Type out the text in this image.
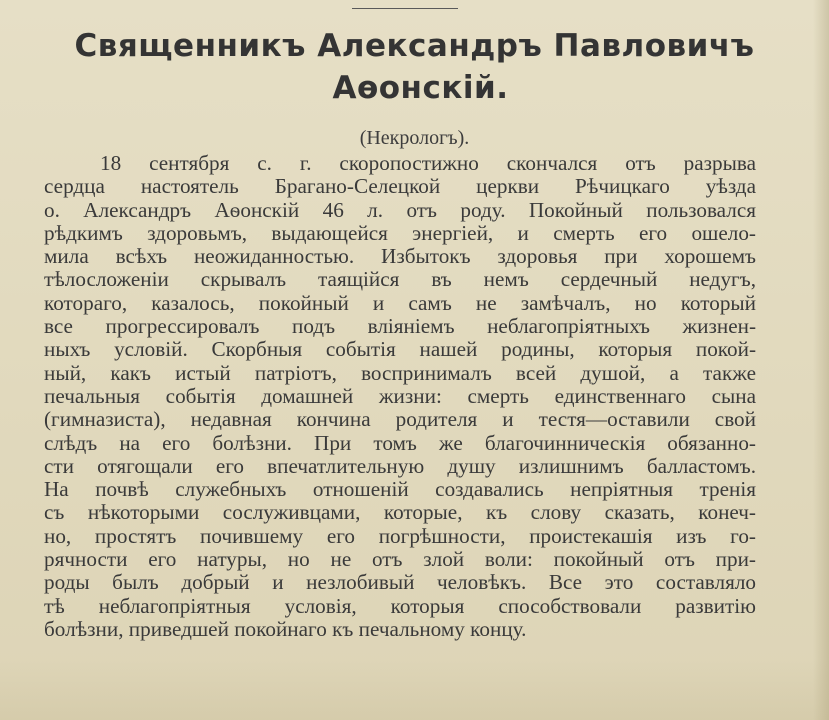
Священникъ Александръ Павловичъ
Аѳонскій.

(Некрологъ).

18 сентября с. г. скоропостижно скончался отъ разрыва
сердца настоятель Брагано-Селецкой церкви Рѣчицкаго уѣзда
о. Александръ Аѳонскій 46 л. отъ роду. Покойный пользовался
рѣдкимъ здоровьмъ, выдающейся энергіей, и смерть его ошело-
мила всѣхъ неожиданностью. Избытокъ здоровья при хорошемъ
тѣлосложеніи скрывалъ таящійся въ немъ сердечный недугъ,
котораго, казалось, покойный и самъ не замѣчалъ, но который
все прогрессировалъ подъ вліяніемъ неблагопріятныхъ жизнен-
ныхъ условій. Скорбныя событія нашей родины, которыя покой-
ный, какъ истый патріотъ, воспринималъ всей душой, а также
печальныя событія домашней жизни: смерть единственнаго сына
(гимназиста), недавная кончина родителя и тестя—оставили свой
слѣдъ на его болѣзни. При томъ же благочинническія обязанно-
сти отягощали его впечатлительную душу излишнимъ балластомъ.
На почвѣ служебныхъ отношеній создавались непріятныя тренія
съ нѣкоторыми сослуживцами, которые, къ слову сказать, конеч-
но, простятъ почившему его погрѣшности, проистекашія изъ го-
рячности его натуры, но не отъ злой воли: покойный отъ при-
роды былъ добрый и незлобивый человѣкъ. Все это составляло
тѣ неблагопріятныя условія, которыя способствовали развитію
болѣзни, приведшей покойнаго къ печальному концу.
